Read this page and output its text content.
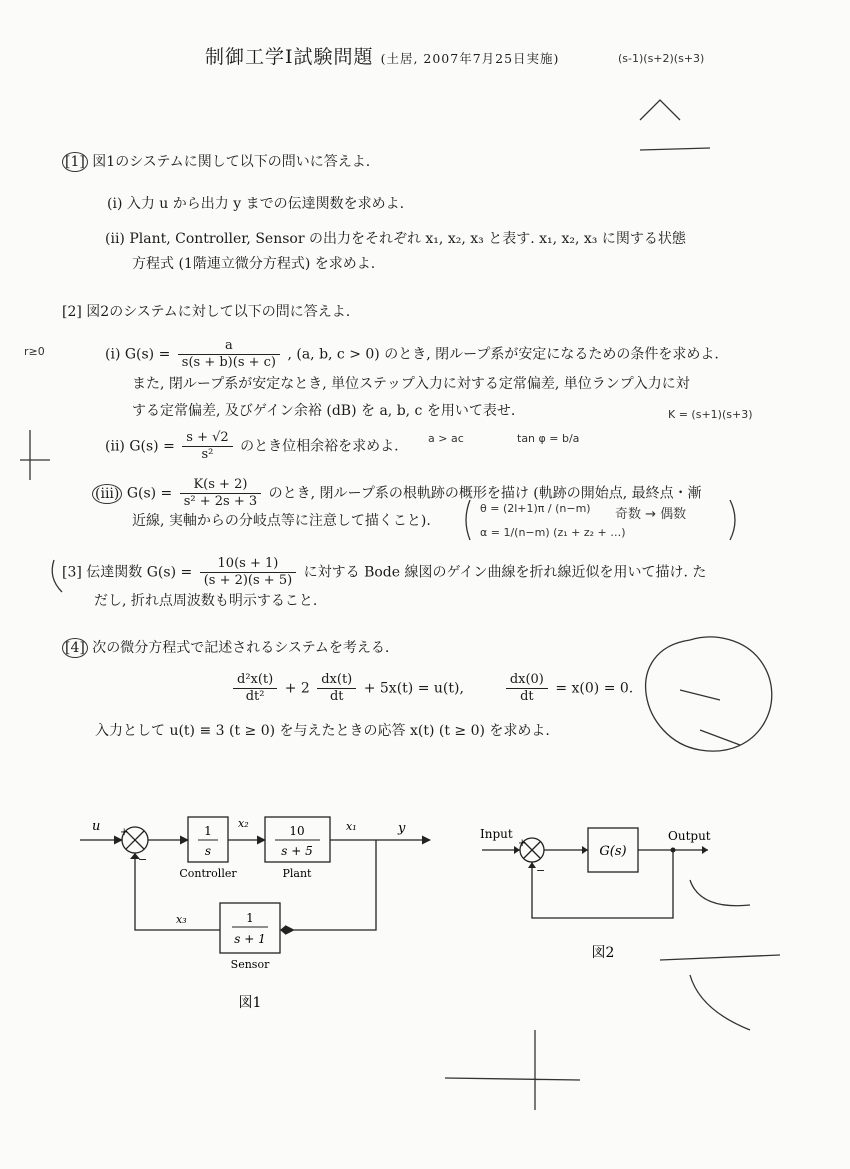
制御工学Ⅰ試験問題 (土居, 2007年7月25日実施)
[1] 図1のシステムに関して以下の問いに答えよ.
(i) 入力 u から出力 y までの伝達関数を求めよ.
(ii) Plant, Controller, Sensor の出力をそれぞれ x₁, x₂, x₃ と表す. x₁, x₂, x₃ に関する状態
方程式 (1階連立微分方程式) を求めよ.
[2] 図2のシステムに対して以下の問に答えよ.
(i) $G(s) = \frac{a}{s(s + b)(s + c)}$ , (a, b, c > 0) のとき, 閉ループ系が安定になるための条件を求めよ.
また, 閉ループ系が安定なとき, 単位ステップ入力に対する定常偏差, 単位ランプ入力に対
する定常偏差, 及びゲイン余裕 (dB) を a, b, c を用いて表せ.
(ii) $G(s) = \frac{s + √2}{\text{s²}}$ のとき位相余裕を求めよ.
(iii) $G(s) = \frac{K(s + 2)}{\text{s² + 2s + 3}}$ のとき, 閉ループ系の根軌跡の概形を描け (軌跡の開始点, 最終点・漸
近線, 実軸からの分岐点等に注意して描くこと).
[3] 伝達関数 $G(s) = \frac{10(s + 1)}{(s + 2)(s + 5)}$ に対する Bode 線図のゲイン曲線を折れ線近似を用いて描け. た
だし, 折れ点周波数も明示すること.
[4] 次の微分方程式で記述されるシステムを考える.
$\frac{\text{d²x(t)}}{\text{dt²}} + 2 \frac{dx(t)}{dt} + 5x(t) = u(t)$,	$\frac{dx(0)}{dt} = x(0) = 0$.
入力として u(t) ≡ 3 (t ≥ 0) を与えたときの応答 x(t) (t ≥ 0) を求めよ.
u	y
+
−
1
s
Controller
10
s + 5
Plant
1
s + 1
Sensor
x₂	x₁
x₃
図1
Input	Output
+
−
G(s)
図2
(s-1)(s+2)(s+3)
r≥0
a > ac	tan φ = b/a
K = (s+1)(s+3)
θ = (2l+1)π / (n−m)
α = 1/(n−m) (z₁ + z₂ + …)
奇数 → 偶数
